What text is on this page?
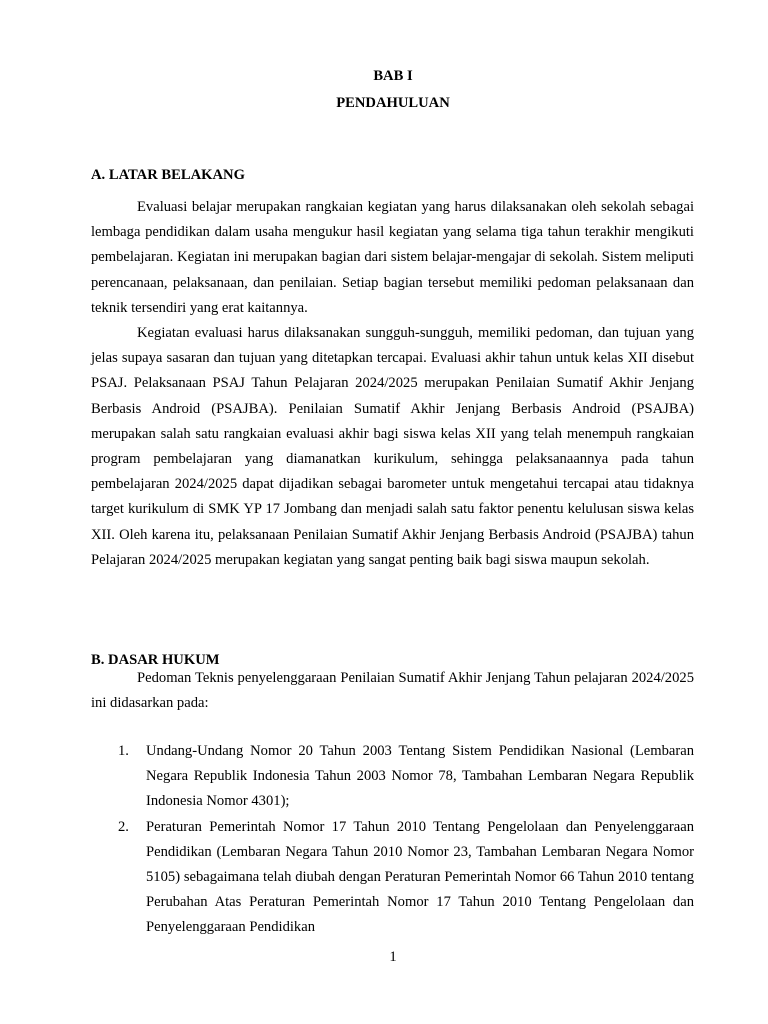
BAB I
PENDAHULUAN
A. LATAR BELAKANG

Evaluasi belajar merupakan rangkaian kegiatan yang harus dilaksanakan oleh sekolah sebagai lembaga pendidikan dalam usaha mengukur hasil kegiatan yang selama tiga tahun terakhir mengikuti pembelajaran. Kegiatan ini merupakan bagian dari sistem belajar-mengajar di sekolah. Sistem meliputi perencanaan, pelaksanaan, dan penilaian. Setiap bagian tersebut memiliki pedoman pelaksanaan dan teknik tersendiri yang erat kaitannya.

Kegiatan evaluasi harus dilaksanakan sungguh-sungguh, memiliki pedoman, dan tujuan yang jelas supaya sasaran dan tujuan yang ditetapkan tercapai. Evaluasi akhir tahun untuk kelas XII disebut PSAJ. Pelaksanaan PSAJ Tahun Pelajaran 2024/2025 merupakan Penilaian Sumatif Akhir Jenjang Berbasis Android (PSAJBA). Penilaian Sumatif Akhir Jenjang Berbasis Android (PSAJBA) merupakan salah satu rangkaian evaluasi akhir bagi siswa kelas XII yang telah menempuh rangkaian program pembelajaran yang diamanatkan kurikulum, sehingga pelaksanaannya pada tahun pembelajaran 2024/2025 dapat dijadikan sebagai barometer untuk mengetahui tercapai atau tidaknya target kurikulum di SMK YP 17 Jombang dan menjadi salah satu faktor penentu kelulusan siswa kelas XII. Oleh karena itu, pelaksanaan Penilaian Sumatif Akhir Jenjang Berbasis Android (PSAJBA) tahun Pelajaran 2024/2025 merupakan kegiatan yang sangat penting baik bagi siswa maupun sekolah.

B. DASAR HUKUM

Pedoman Teknis penyelenggaraan Penilaian Sumatif Akhir Jenjang Tahun pelajaran 2024/2025 ini didasarkan pada:

1. Undang-Undang Nomor 20 Tahun 2003 Tentang Sistem Pendidikan Nasional (Lembaran Negara Republik Indonesia Tahun 2003 Nomor 78, Tambahan Lembaran Negara Republik Indonesia Nomor 4301);
2. Peraturan Pemerintah Nomor 17 Tahun 2010 Tentang Pengelolaan dan Penyelenggaraan Pendidikan (Lembaran Negara Tahun 2010 Nomor 23, Tambahan Lembaran Negara Nomor 5105) sebagaimana telah diubah dengan Peraturan Pemerintah Nomor 66 Tahun 2010 tentang Perubahan Atas Peraturan Pemerintah Nomor 17 Tahun 2010 Tentang Pengelolaan dan Penyelenggaraan Pendidikan
1
